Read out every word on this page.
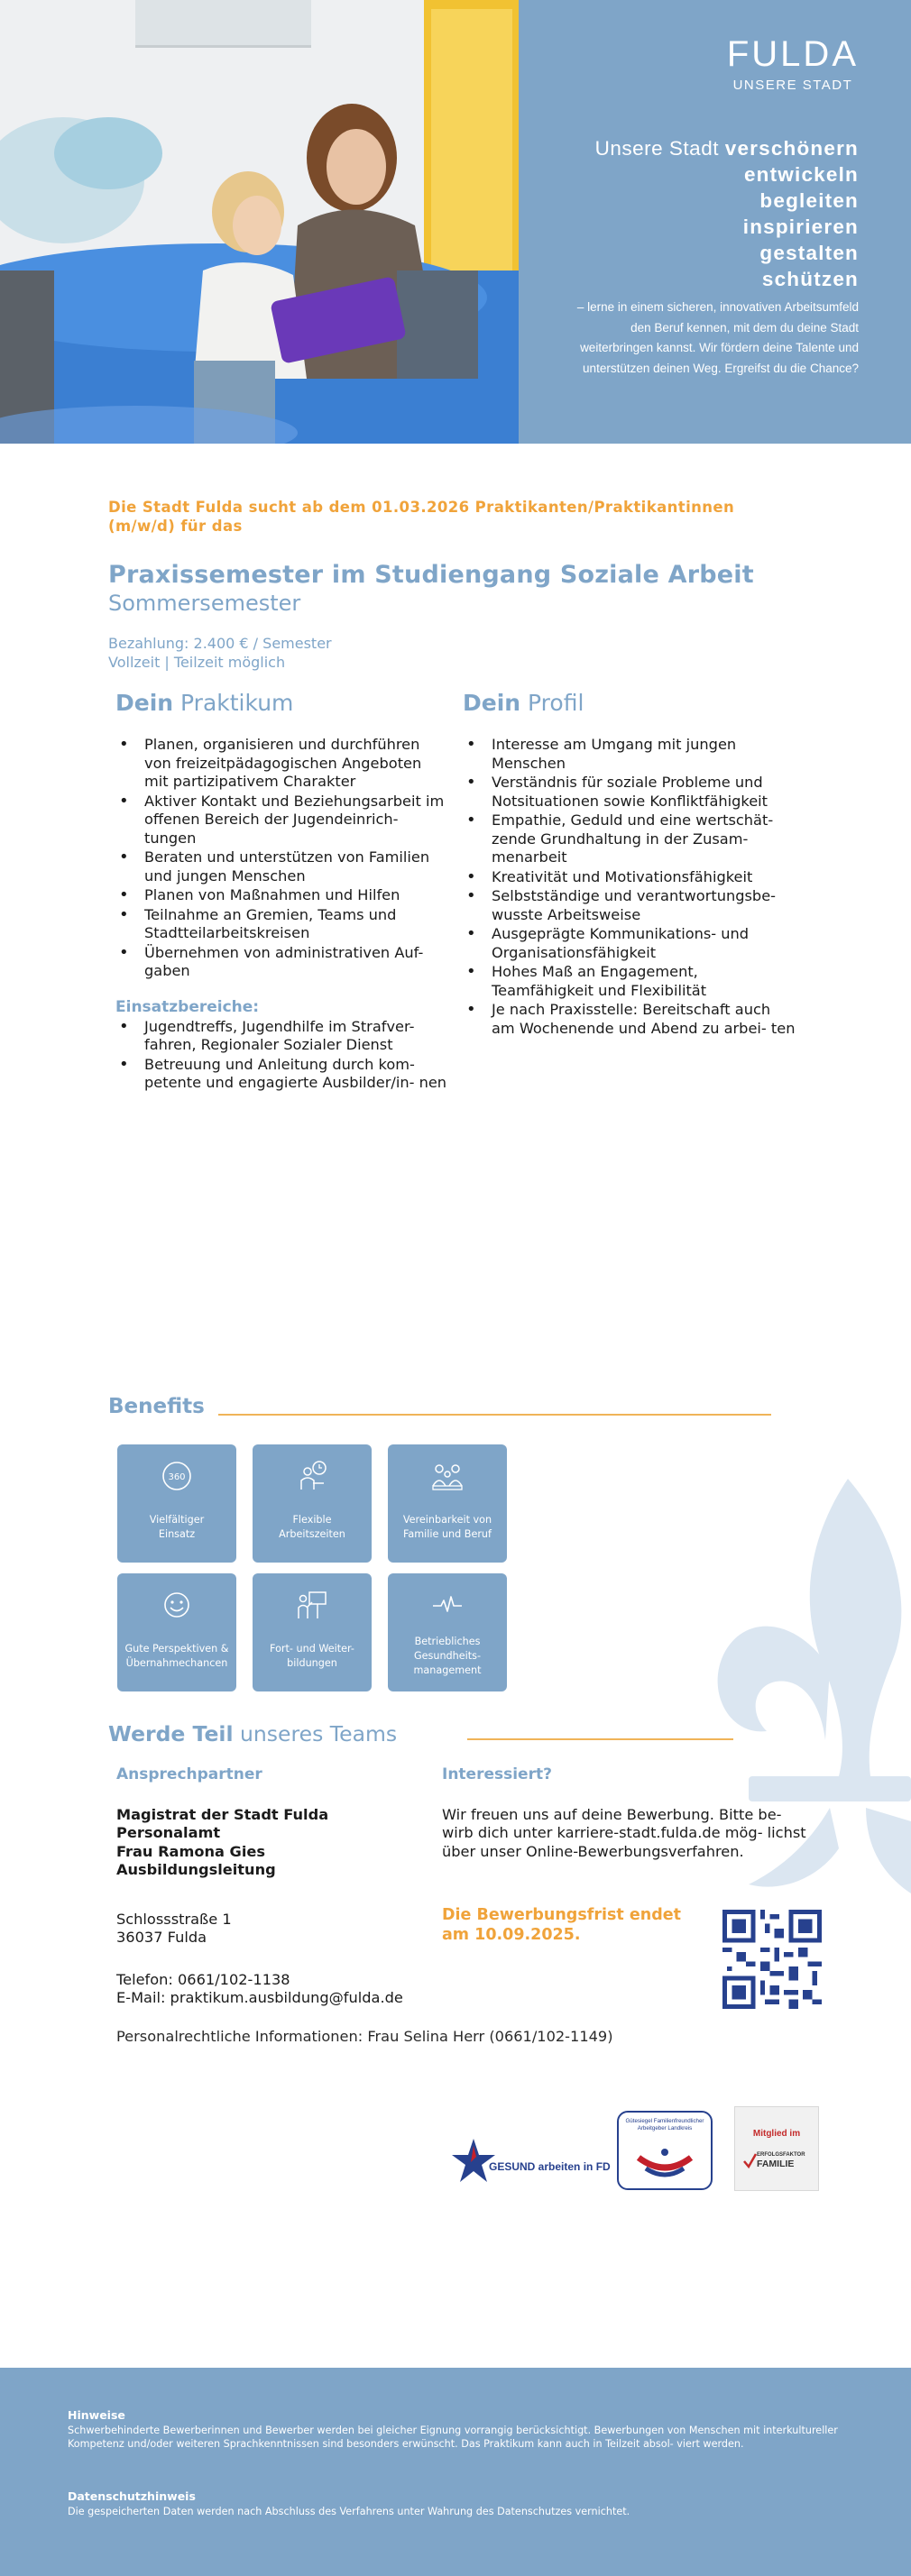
FULDA
UNSERE STADT
Unsere Stadt verschönern
entwickeln
begleiten
inspirieren
gestalten
schützen
– lerne in einem sicheren, innovativen Arbeitsumfeld den Beruf kennen, mit dem du deine Stadt weiterbringen kannst. Wir fördern deine Talente und unterstützen deinen Weg. Ergreifst du die Chance?
Die Stadt Fulda sucht ab dem 01.03.2026 Praktikanten/Praktikantinnen
(m/w/d) für das
Praxissemester im Studiengang Soziale Arbeit
Sommersemester
Bezahlung: 2.400 € / Semester
Vollzeit | Teilzeit möglich
Dein Praktikum
• Planen, organisieren und durchführen von freizeitpädagogischen Angeboten mit partizipativem Charakter
• Aktiver Kontakt und Beziehungsarbeit im offenen Bereich der Jugendeinrich- tungen
• Beraten und unterstützen von Familien und jungen Menschen
• Planen von Maßnahmen und Hilfen
• Teilnahme an Gremien, Teams und Stadtteilarbeitskreisen
• Übernehmen von administrativen Auf- gaben
Einsatzbereiche:
• Jugendtreffs, Jugendhilfe im Strafver- fahren, Regionaler Sozialer Dienst
• Betreuung und Anleitung durch kom- petente und engagierte Ausbilder/in- nen
Dein Profil
• Interesse am Umgang mit jungen Menschen
• Verständnis für soziale Probleme und Notsituationen sowie Konfliktfähigkeit
• Empathie, Geduld und eine wertschät- zende Grundhaltung in der Zusam- menarbeit
• Kreativität und Motivationsfähigkeit
• Selbstständige und verantwortungsbe- wusste Arbeitsweise
• Ausgeprägte Kommunikations- und Organisationsfähigkeit
• Hohes Maß an Engagement, Teamfähigkeit und Flexibilität
• Je nach Praxisstelle: Bereitschaft auch am Wochenende und Abend zu arbei- ten
Benefits
360
Vielfältiger
Einsatz
Flexible
Arbeitszeiten
Vereinbarkeit von
Familie und Beruf
Gute Perspektiven &
Übernahmechancen
Fort- und Weiter-
bildungen
Betriebliches
Gesundheits-
management
Werde Teil unseres Teams
Ansprechpartner
Magistrat der Stadt Fulda
Personalamt
Frau Ramona Gies
Ausbildungsleitung
Schlossstraße 1
36037 Fulda
Telefon: 0661/102-1138
E-Mail: praktikum.ausbildung@fulda.de
Interessiert?
Wir freuen uns auf deine Bewerbung. Bitte be- wirb dich unter karriere-stadt.fulda.de mög- lichst über unser Online-Bewerbungsverfahren.
Die Bewerbungsfrist endet
am 10.09.2025.
Personalrechtliche Informationen: Frau Selina Herr (0661/102-1149)
GESUND arbeiten in FD
Gütesiegel Familienfreundlicher Arbeitgeber Landkreis
Mitglied im
ERFOLGSFAKTOR
FAMILIE
Hinweise
Schwerbehinderte Bewerberinnen und Bewerber werden bei gleicher Eignung vorrangig berücksichtigt. Bewerbungen von Menschen mit interkultureller Kompetenz und/oder weiteren Sprachkenntnissen sind besonders erwünscht. Das Praktikum kann auch in Teilzeit absol- viert werden.
Datenschutzhinweis
Die gespeicherten Daten werden nach Abschluss des Verfahrens unter Wahrung des Datenschutzes vernichtet.
